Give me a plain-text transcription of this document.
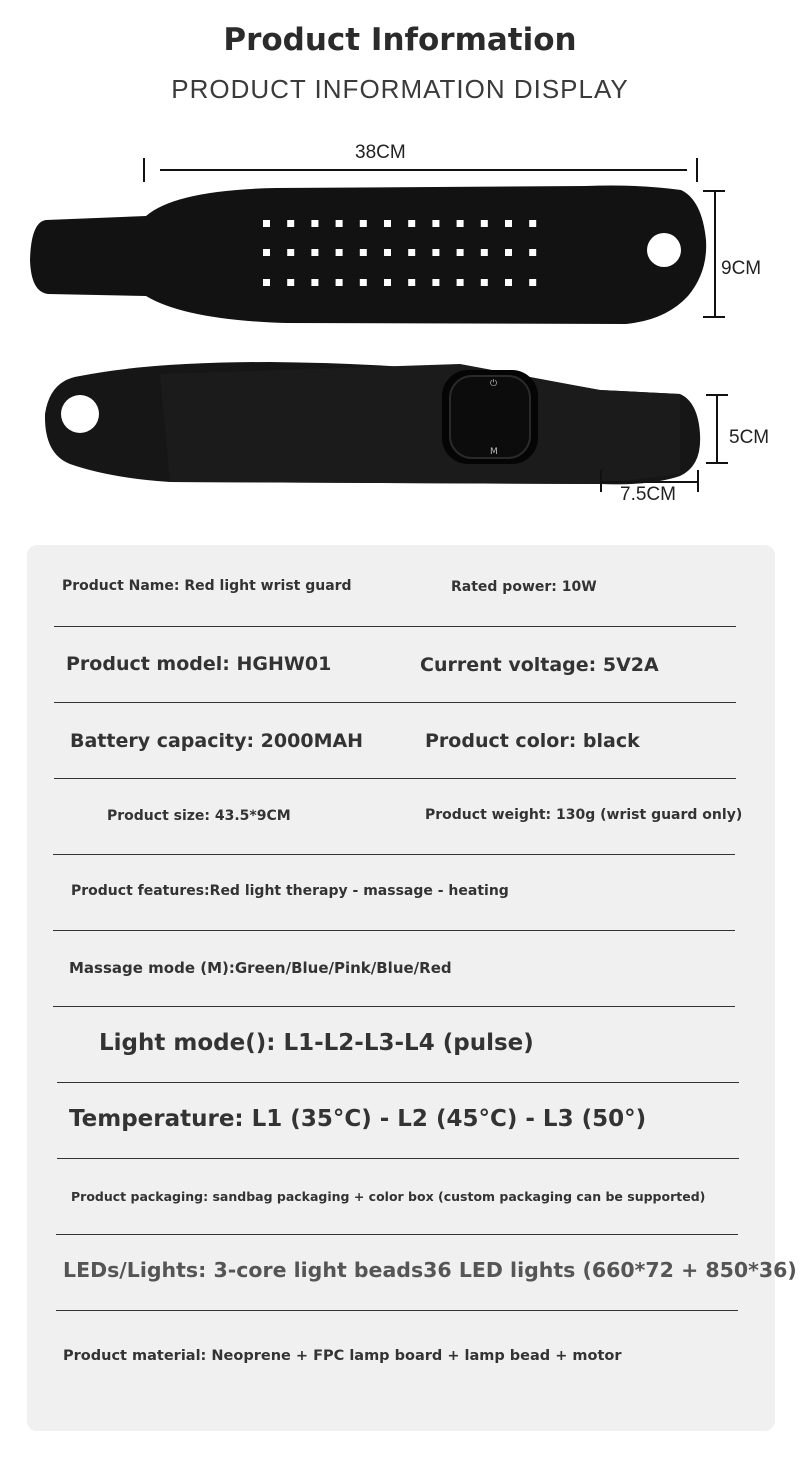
Product Information
PRODUCT INFORMATION DISPLAY
38CM
9CM
⏻
M
5CM
7.5CM
Product Name: Red light wrist guard	Rated power: 10W
Product model: HGHW01	Current voltage: 5V2A
Battery capacity: 2000MAH	Product color: black
Product size: 43.5*9CM	Product weight: 130g (wrist guard only)
Product features:Red light therapy - massage - heating
Massage mode (M):Green/Blue/Pink/Blue/Red
Light mode(): L1-L2-L3-L4 (pulse)
Temperature: L1 (35°C) - L2 (45°C) - L3 (50°)
Product packaging: sandbag packaging + color box (custom packaging can be supported)
LEDs/Lights: 3-core light beads36 LED lights (660*72 + 850*36)
Product material: Neoprene + FPC lamp board + lamp bead + motor
